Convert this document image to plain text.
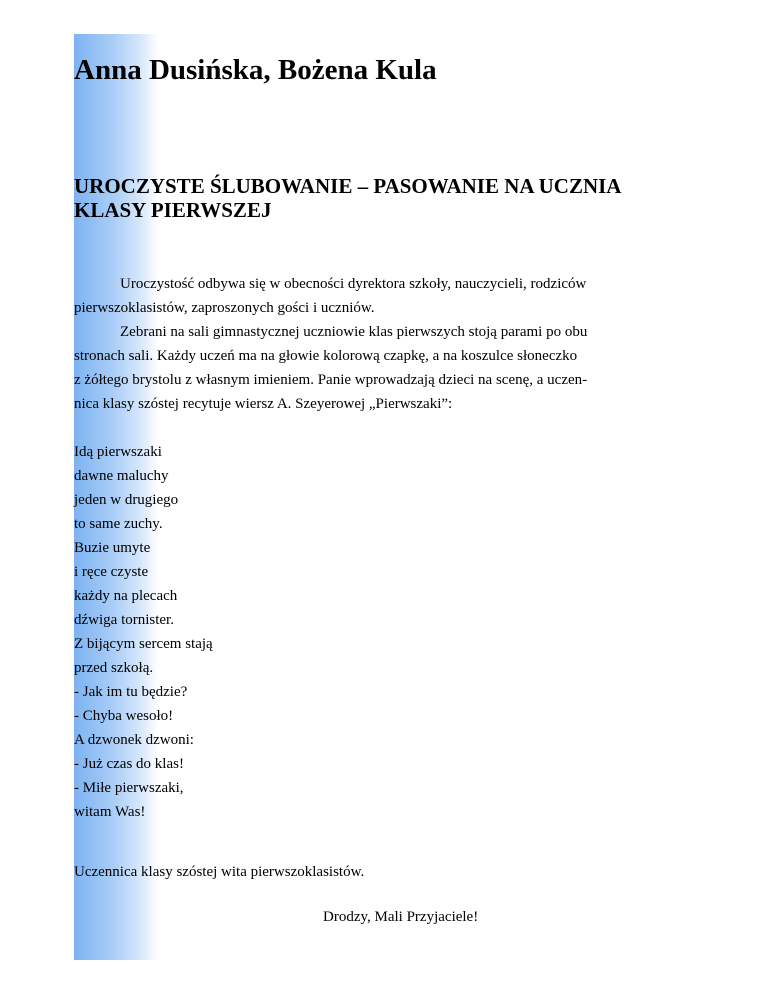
Anna Dusińska, Bożena Kula
UROCZYSTE ŚLUBOWANIE – PASOWANIE NA UCZNIA
KLASY PIERWSZEJ
Uroczystość odbywa się w obecności dyrektora szkoły, nauczycieli, rodziców
pierwszoklasistów, zaproszonych gości i uczniów.
Zebrani na sali gimnastycznej uczniowie klas pierwszych stoją parami po obu
stronach sali. Każdy uczeń ma na głowie kolorową czapkę, a na koszulce słoneczko
z żółtego brystolu z własnym imieniem. Panie wprowadzają dzieci na scenę, a uczen-
nica klasy szóstej recytuje wiersz A. Szeyerowej „Pierwszaki”:
Idą pierwszaki
dawne maluchy
jeden w drugiego
to same zuchy.
Buzie umyte
i ręce czyste
każdy na plecach
dźwiga tornister.
Z bijącym sercem stają
przed szkołą.
- Jak im tu będzie?
- Chyba wesoło!
A dzwonek dzwoni:
- Już czas do klas!
- Miłe pierwszaki,
witam Was!
Uczennica klasy szóstej wita pierwszoklasistów.
Drodzy, Mali Przyjaciele!
